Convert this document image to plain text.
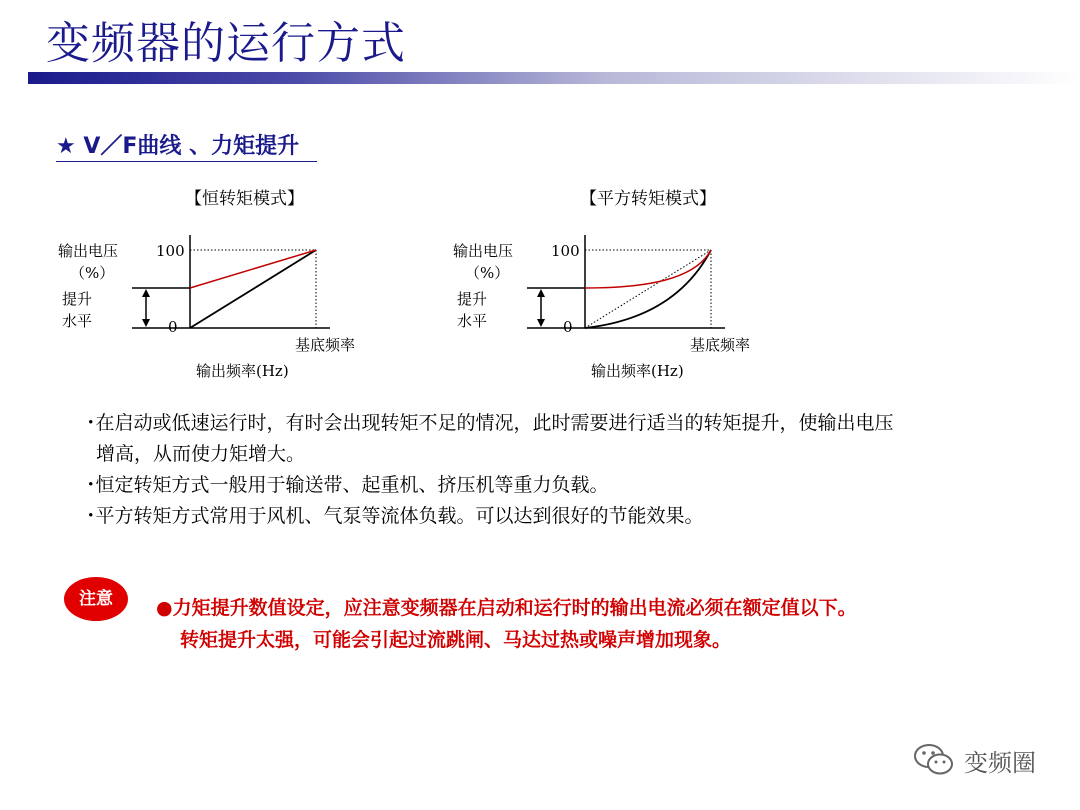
变频器的运行方式
★ V／F曲线 、力矩提升
【恒转矩模式】
输出电压
（%）
100
0
提升
水平
基底频率
输出频率(Hz)
【平方转矩模式】
输出电压
（%）
100
0
提升
水平
基底频率
输出频率(Hz)

･在启动或低速运行时，有时会出现转矩不足的情况，此时需要进行适当的转矩提升，使输出电压

增高，从而使力矩增大。

･恒定转矩方式一般用于输送带、起重机、挤压机等重力负载。

･平方转矩方式常用于风机、气泵等流体负载。可以达到很好的节能效果。

注意	●力矩提升数值设定，应注意变频器在启动和运行时的输出电流必须在额定值以下。
转矩提升太强，可能会引起过流跳闸、马达过热或噪声增加现象。
变频圈
